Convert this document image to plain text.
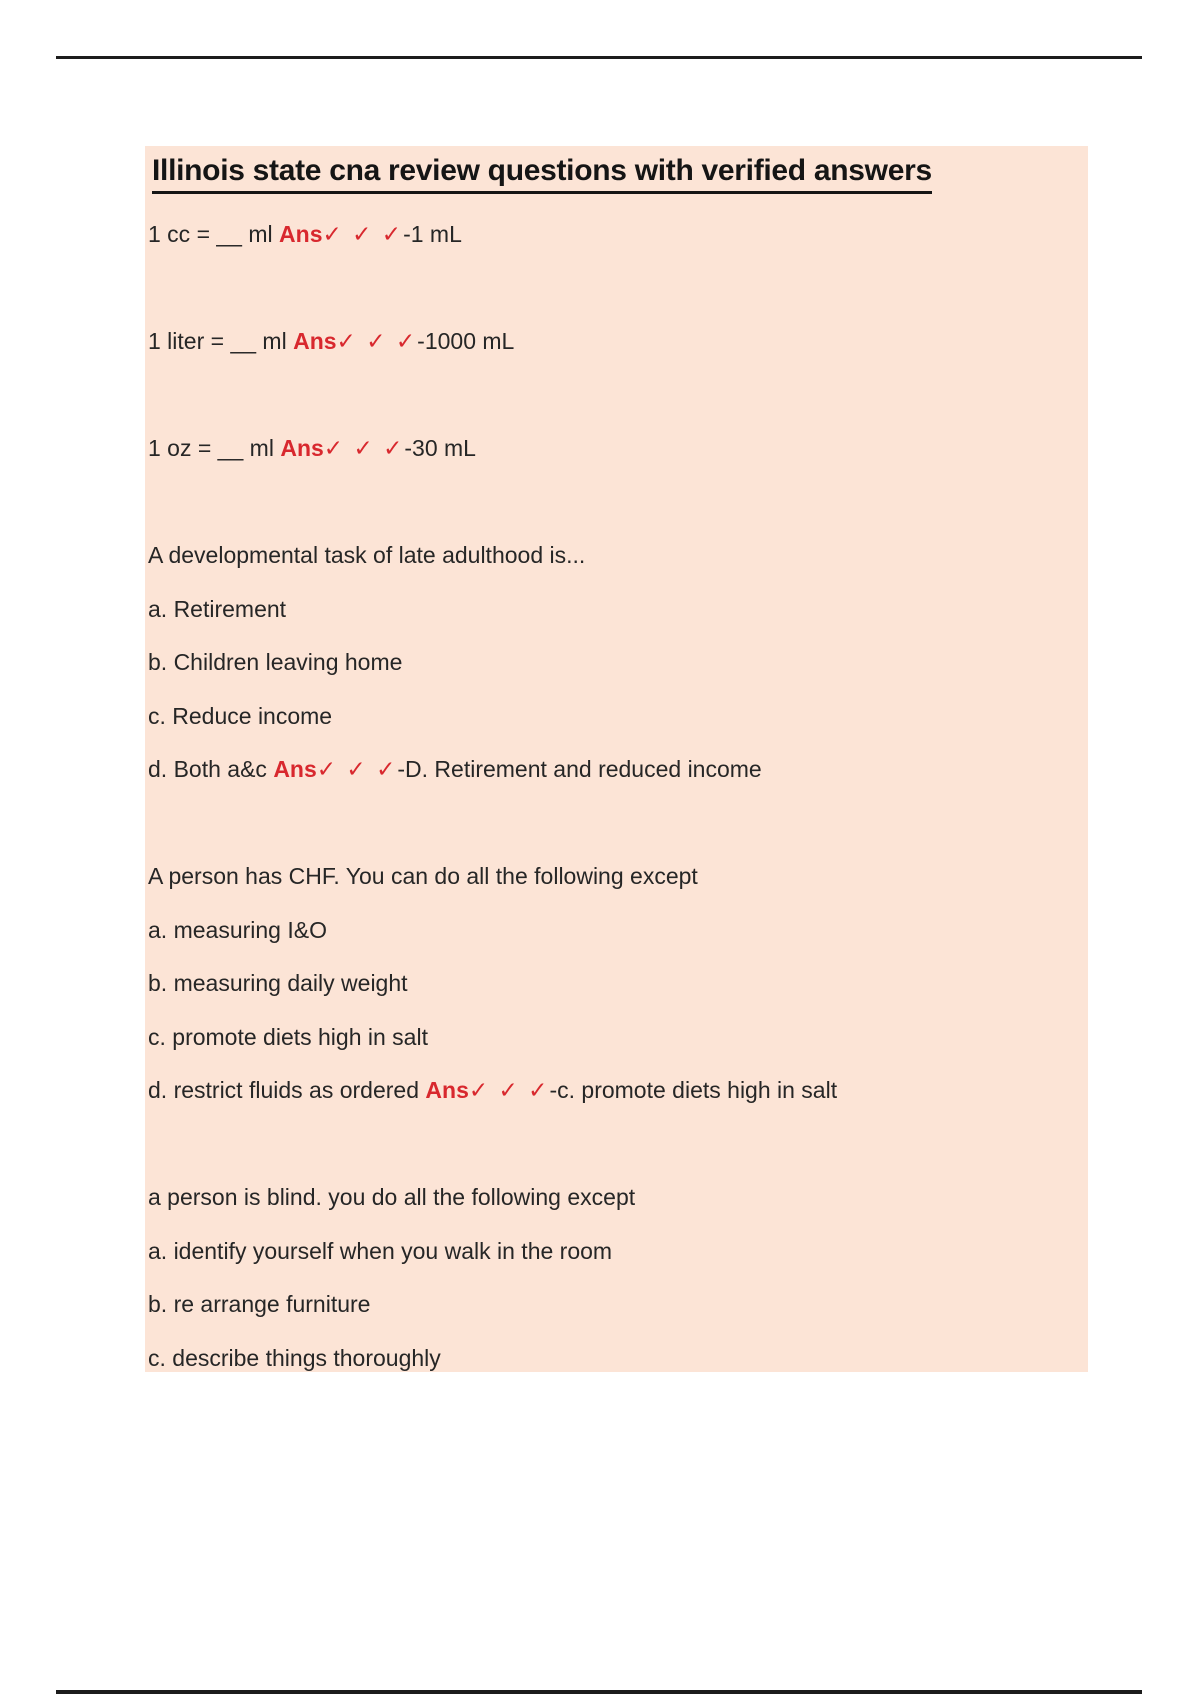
Illinois state cna review questions with verified answers

1 cc = __ ml Ans ✓ ✓ ✓ -1 mL

1 liter = __ ml Ans ✓ ✓ ✓ -1000 mL

1 oz = __ ml Ans ✓ ✓ ✓ -30 mL

A developmental task of late adulthood is...

a. Retirement

b. Children leaving home

c. Reduce income

d. Both a&c Ans ✓ ✓ ✓ -D. Retirement and reduced income

A person has CHF. You can do all the following except

a. measuring I&O

b. measuring daily weight

c. promote diets high in salt

d. restrict fluids as ordered Ans ✓ ✓ ✓ -c. promote diets high in salt

a person is blind. you do all the following except

a. identify yourself when you walk in the room

b. re arrange furniture

c. describe things thoroughly
